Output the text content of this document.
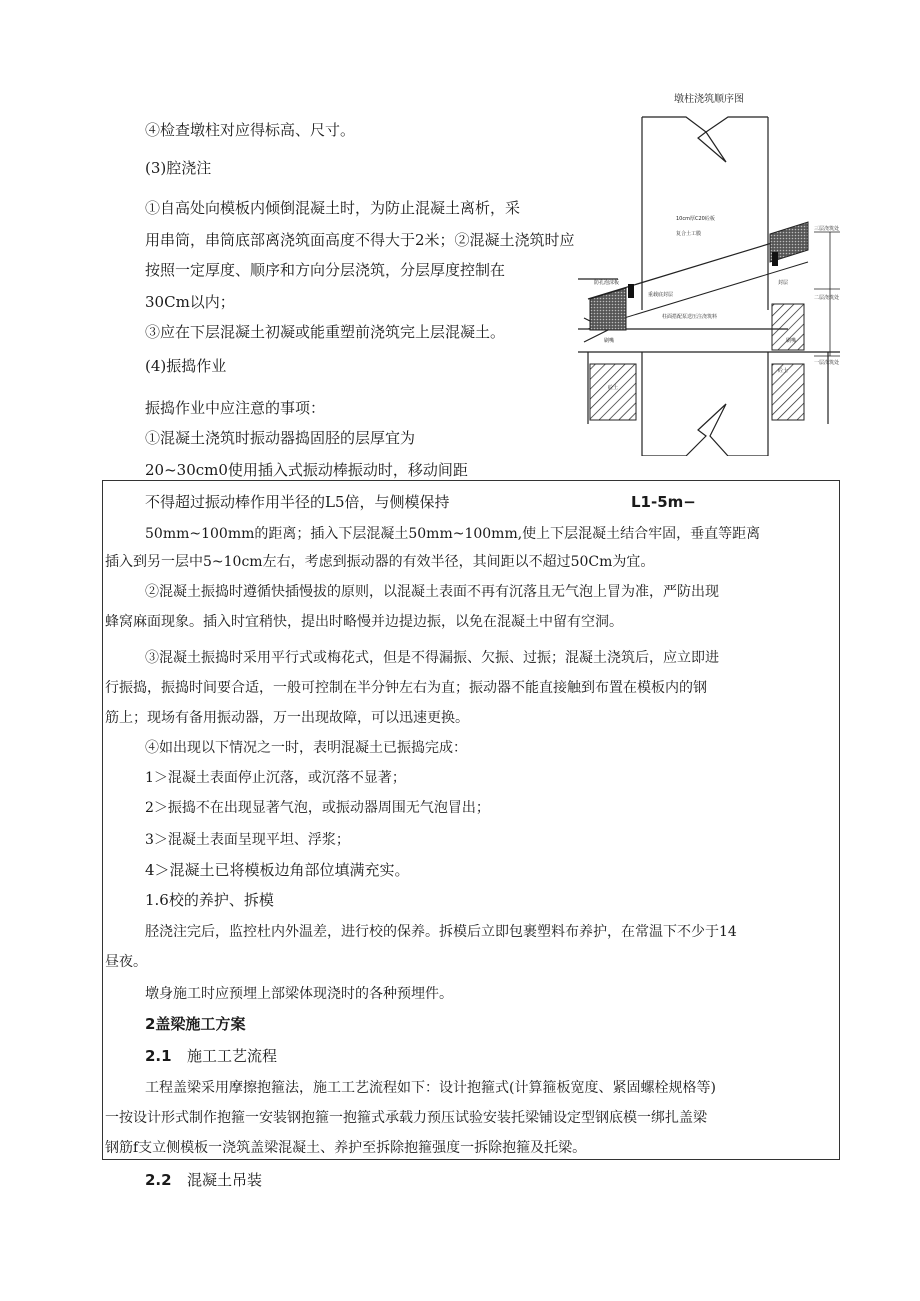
墩柱浇筑顺序图
10cm厚C20砼板
复合土工膜
防孔泡沫板
重载底封层
柱面搭配泵送压注浇筑料
封层
刷嘴	刷嘴
砼土
砼土
三层浇筑处
二层浇筑处
一层浇筑处
④检查墩柱对应得标高、尺寸。
(3)腔浇注
①自高处向模板内倾倒混凝土时，为防止混凝土离析，采
用串筒，串筒底部离浇筑面高度不得大于2米；②混凝土浇筑时应
按照一定厚度、顺序和方向分层浇筑，分层厚度控制在
30Cm以内；
③应在下层混凝土初凝或能重塑前浇筑完上层混凝土。
(4)振捣作业
振捣作业中应注意的事项：
①混凝土浇筑时振动器捣固胫的层厚宜为
20~30cm0使用插入式振动棒振动时，移动间距
不得超过振动棒作用半径的L5倍，与侧模保持	L1-5m−
50mm~100mm的距离；插入下层混凝土50mm~100mm,使上下层混凝土结合牢固，垂直等距离
插入到另一层中5~10cm左右，考虑到振动器的有效半径，其间距以不超过50Cm为宜。
②混凝土振捣时遵循快插慢拔的原则，以混凝土表面不再有沉落且无气泡上冒为准，严防出现
蜂窝麻面现象。插入时宜稍快，提出时略慢并边提边振，以免在混凝土中留有空洞。
③混凝土振捣时采用平行式或梅花式，但是不得漏振、欠振、过振；混凝土浇筑后，应立即进
行振捣，振捣时间要合适，一般可控制在半分钟左右为直；振动器不能直接触到布置在模板内的钢
筋上；现场有备用振动器，万一出现故障，可以迅速更换。
④如出现以下情况之一时，表明混凝土已振捣完成：
1＞混凝土表面停止沉落，或沉落不显著；
2＞振捣不在出现显著气泡，或振动器周围无气泡冒出；
3＞混凝土表面呈现平坦、浮浆；
4＞混凝土已将模板边角部位填满充实。
1.6校的养护、拆模
胫浇注完后，监控杜内外温差，进行校的保养。拆模后立即包裹塑料布养护，在常温下不少于14
昼夜。
墩身施工时应预埋上部梁体现浇时的各种预埋件。
2盖梁施工方案
2.1 施工工艺流程
工程盖梁采用摩擦抱箍法，施工工艺流程如下：设计抱箍式(计算箍板宽度、紧固螺栓规格等)
一按设计形式制作抱箍一安装钢抱箍一抱箍式承载力预压试验安装托梁铺设定型钢底模一绑扎盖梁
钢筋f支立侧模板一浇筑盖梁混凝土、养护至拆除抱箍强度一拆除抱箍及托梁。
2.2 混凝土吊装
